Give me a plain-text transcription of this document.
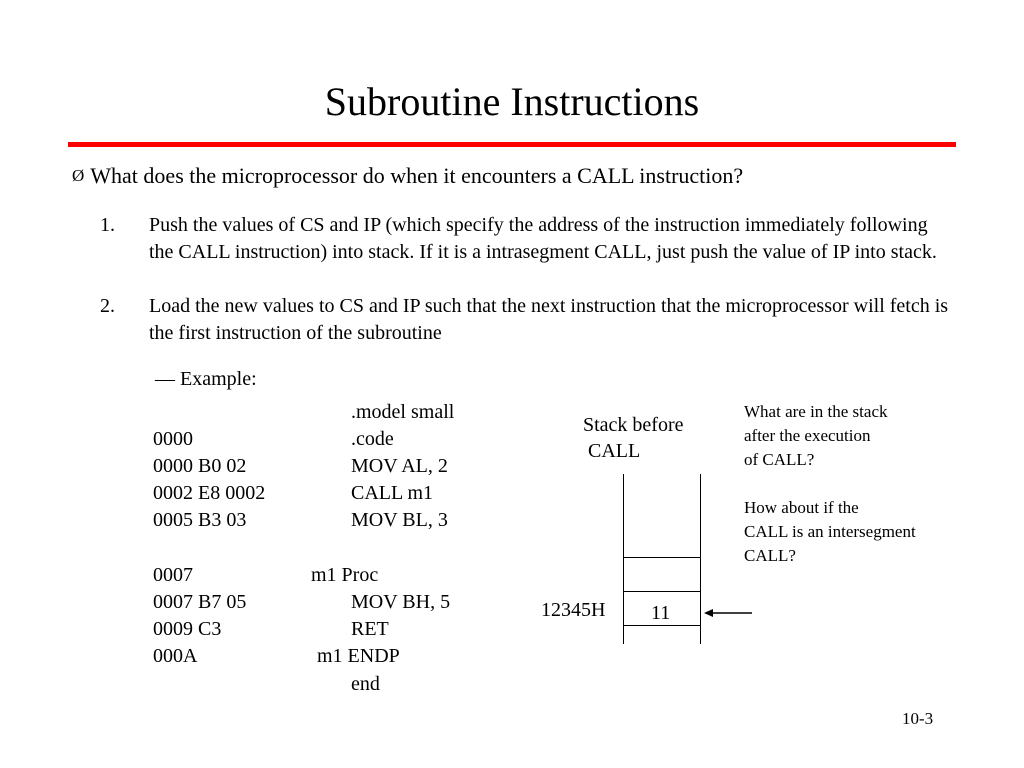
Subroutine Instructions
Ø What does the microprocessor do when it encounters a CALL instruction?
1. Push the values of CS and IP (which specify the address of the instruction immediately following the CALL instruction) into stack. If it is a intrasegment CALL, just push the value of IP into stack.
2. Load the new values to CS and IP such that the next instruction that the microprocessor will fetch is the first instruction of the subroutine
— Example:
.model small
0000	.code
0000 B0 02	MOV AL, 2
0002 E8 0002	CALL m1
0005 B3 03	MOV BL, 3
0007	m1 Proc
0007 B7 05	MOV BH, 5
0009 C3	RET
000A	m1 ENDP
end
Stack before
CALL
12345H 11
What are in the stack
after the execution
of CALL?

How about if the
CALL is an intersegment
CALL?
10-3
